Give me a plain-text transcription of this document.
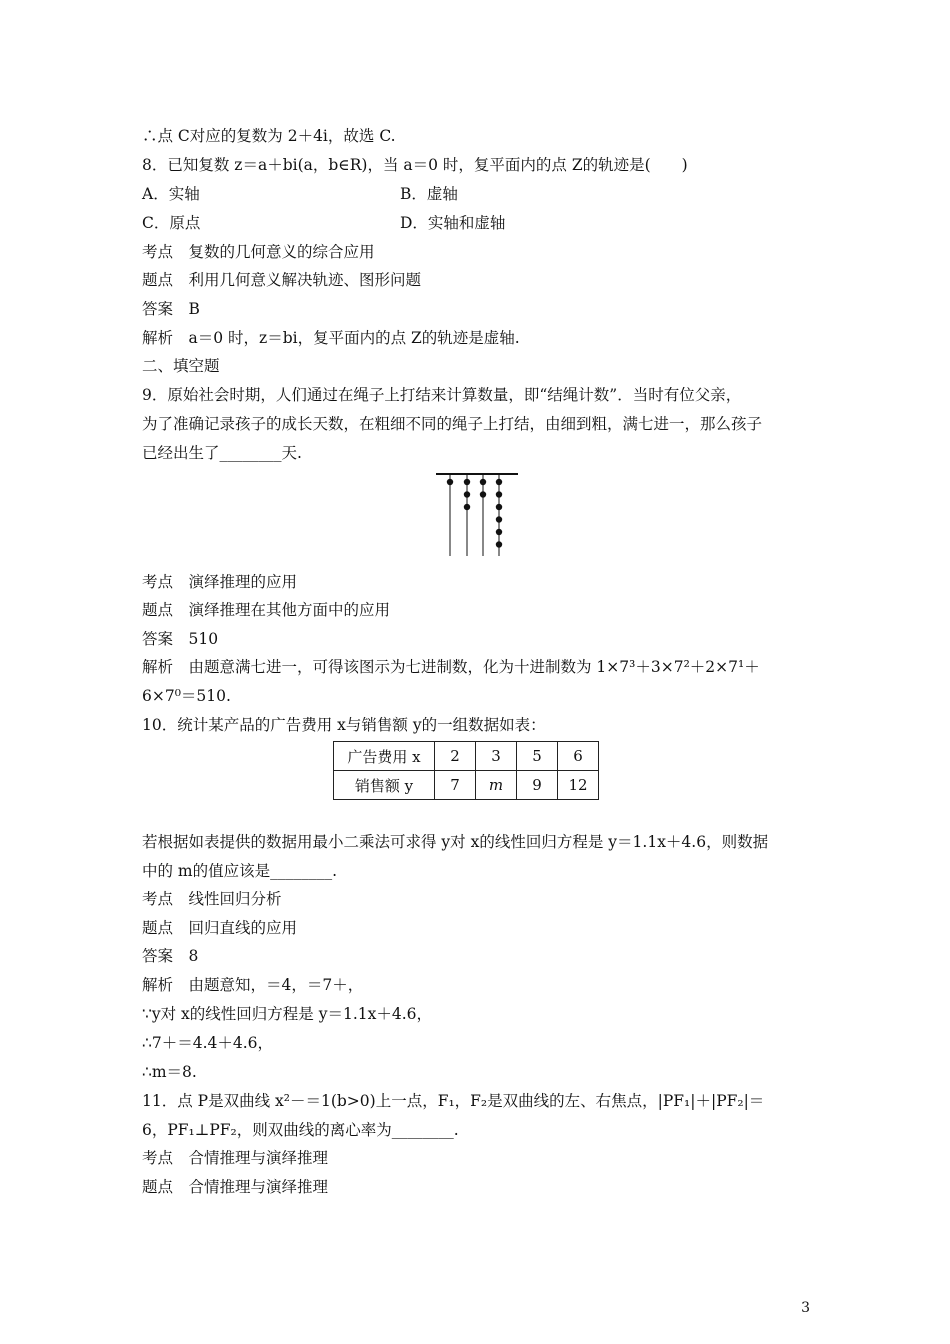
∴点 C对应的复数为 2＋4i，故选 C.
8．已知复数 z＝a＋bi(a，b∈R)，当 a＝0 时，复平面内的点 Z的轨迹是(　　)
A．实轴	B．虚轴
C．原点	D．实轴和虚轴
考点　复数的几何意义的综合应用
题点　利用几何意义解决轨迹、图形问题
答案　B
解析　a＝0 时，z＝bi，复平面内的点 Z的轨迹是虚轴.
二、填空题
9．原始社会时期，人们通过在绳子上打结来计算数量，即“结绳计数”．当时有位父亲，
为了准确记录孩子的成长天数，在粗细不同的绳子上打结，由细到粗，满七进一，那么孩子
已经出生了________天.
考点　演绎推理的应用
题点　演绎推理在其他方面中的应用
答案　510
解析　由题意满七进一，可得该图示为七进制数，化为十进制数为 1×7³＋3×7²＋2×7¹＋
6×7⁰＝510.
10．统计某产品的广告费用 x与销售额 y的一组数据如表：
广告费用 x	2	3	5	6
销售额 y	7	m	9	12
若根据如表提供的数据用最小二乘法可求得 y对 x的线性回归方程是 y＝1.1x＋4.6，则数据
中的 m的值应该是________.
考点　线性回归分析
题点　回归直线的应用
答案　8
解析　由题意知，＝4，＝7＋，
∵y对 x的线性回归方程是 y＝1.1x＋4.6，
∴7＋＝4.4＋4.6，
∴m＝8.
11．点 P是双曲线 x²－＝1(b>0)上一点，F₁，F₂是双曲线的左、右焦点，|PF₁|＋|PF₂|＝
6，PF₁⊥PF₂，则双曲线的离心率为________.
考点　合情推理与演绎推理
题点　合情推理与演绎推理
3
